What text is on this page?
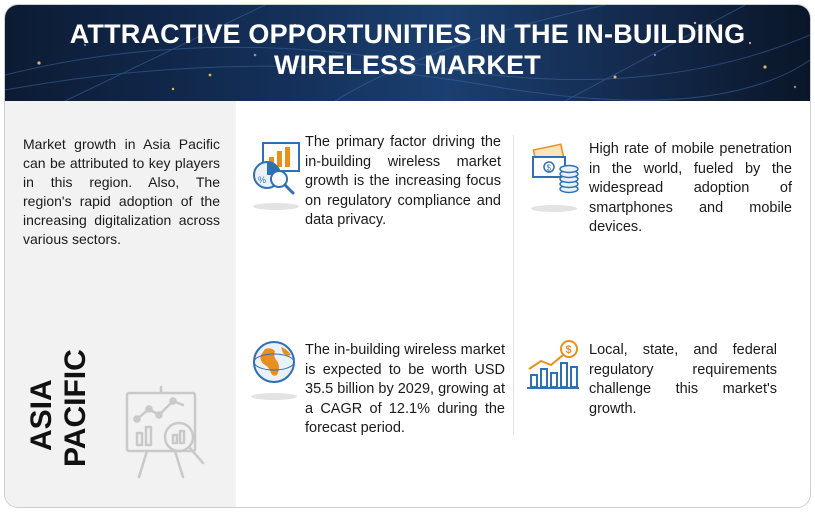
ATTRACTIVE OPPORTUNITIES IN THE IN-BUILDING
WIRELESS MARKET
Market growth in Asia Pacific can be attributed to key players in this region. Also, The region's rapid adoption of the increasing digitalization across various sectors.
ASIA PACIFIC
%
The primary factor driving the in-building wireless market growth is the increasing focus on regulatory compliance and data privacy.
$
High rate of mobile penetration in the world, fueled by the widespread adoption of smartphones and mobile devices.
The in-building wireless market is expected to be worth USD 35.5 billion by 2029, growing at a CAGR of 12.1% during the forecast period.
$ Local, state, and federal regulatory requirements challenge this market's growth.
